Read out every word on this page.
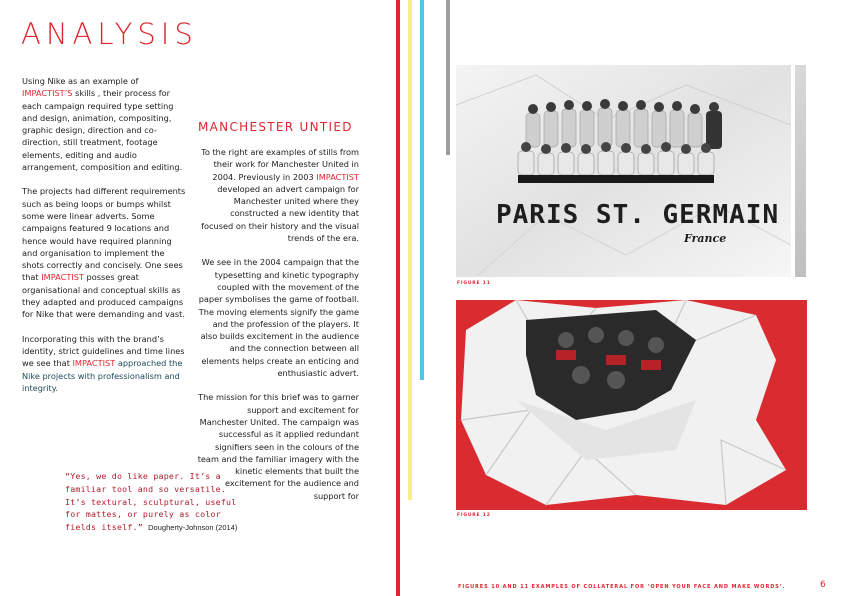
ANALYSIS

Using Nike as an example of IMPACTIST’S skills , their process for each campaign required type setting and design, animation, compositing, graphic design, direction and co-direction, still treatment, footage elements, editing and audio arrangement, composition and editing.

The projects had different requirements such as being loops or bumps whilst some were linear adverts. Some campaigns featured 9 locations and hence would have required planning and organisation to implement the shots correctly and concisely. One sees that IMPACTIST posses great organisational and conceptual skills as they adapted and produced campaigns for Nike that were demanding and vast.

Incorporating this with the brand’s identity, strict guidelines and time lines we see that IMPACTIST approached the Nike projects with professionalism and integrity.

MANCHESTER UNTIED

To the right are examples of stills from their work for Manchester United in 2004. Previously in 2003 IMPACTIST developed an advert campaign for Manchester united where they constructed a new identity that focused on their history and the visual trends of the era.

We see in the 2004 campaign that the typesetting and kinetic typography coupled with the movement of the paper symbolises the game of football. The moving elements signify the game and the profession of the players. It also builds excitement in the audience and the connection between all elements helps create an enticing and enthusiastic advert.

The mission for this brief was to garner support and excitement for Manchester United. The campaign was successful as it applied redundant signifiers seen in the colours of the team and the familiar imagery with the kinetic elements that built the excitement for the audience and support for

“Yes, we do like paper. It’s a familiar tool and so versatile. It’s textural, sculptural, useful for mattes, or purely as color fields itself.” Dougherty-Johnson (2014)
PARIS ST. GERMAIN
France
FIGURE 11
FIGURE 12
FIGURES 10 AND 11 EXAMPLES OF COLLATERAL FOR ‘OPEN YOUR FACE AND MAKE WORDS’.	6
